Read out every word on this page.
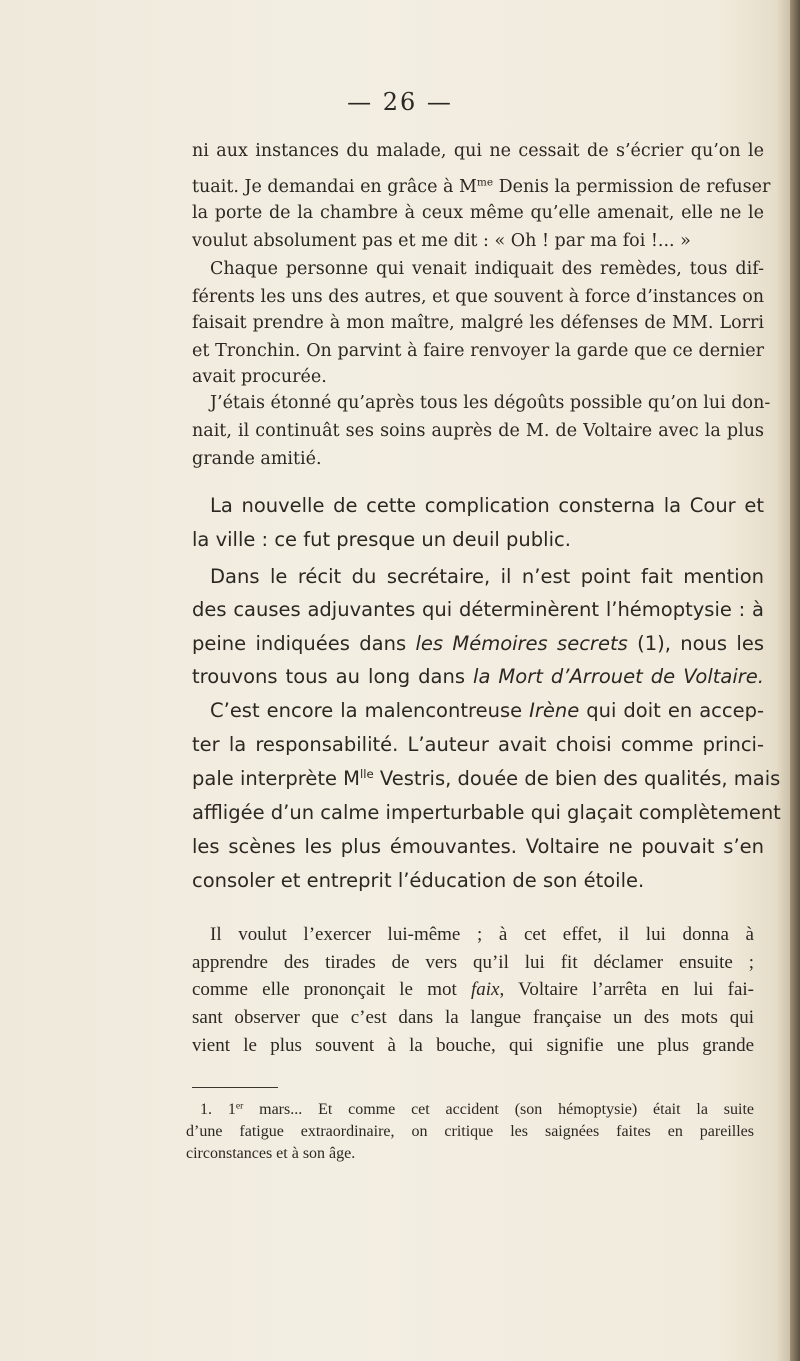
— 26 —
ni aux instances du malade, qui ne cessait de s’écrier qu’on le
tuait. Je demandai en grâce à $M^{me}$ Denis la permission de refuser
la porte de la chambre à ceux même qu’elle amenait, elle ne le
voulut absolument pas et me dit : « Oh ! par ma foi !... »
Chaque personne qui venait indiquait des remèdes, tous dif-
férents les uns des autres, et que souvent à force d’instances on
faisait prendre à mon maître, malgré les défenses de MM. Lorri
et Tronchin. On parvint à faire renvoyer la garde que ce dernier
avait procurée.
J’étais étonné qu’après tous les dégoûts possible qu’on lui don-
nait, il continuât ses soins auprès de M. de Voltaire avec la plus
grande amitié.
La nouvelle de cette complication consterna la Cour et
la ville : ce fut presque un deuil public.
Dans le récit du secrétaire, il n’est point fait mention
des causes adjuvantes qui déterminèrent l’hémoptysie : à
peine indiquées dans les Mémoires secrets (1), nous les
trouvons tous au long dans la Mort d’Arrouet de Voltaire.
C’est encore la malencontreuse Irène qui doit en accep-
ter la responsabilité. L’auteur avait choisi comme princi-
pale interprète $M^{lle}$ Vestris, douée de bien des qualités, mais
affligée d’un calme imperturbable qui glaçait complètement
les scènes les plus émouvantes. Voltaire ne pouvait s’en
consoler et entreprit l’éducation de son étoile.
Il voulut l’exercer lui-même ; à cet effet, il lui donna à
apprendre des tirades de vers qu’il lui fit déclamer ensuite ;
comme elle prononçait le mot faix, Voltaire l’arrêta en lui fai-
sant observer que c’est dans la langue française un des mots qui
vient le plus souvent à la bouche, qui signifie une plus grande
1. 1er mars... Et comme cet accident (son hémoptysie) était la suite
d’une fatigue extraordinaire, on critique les saignées faites en pareilles
circonstances et à son âge.
